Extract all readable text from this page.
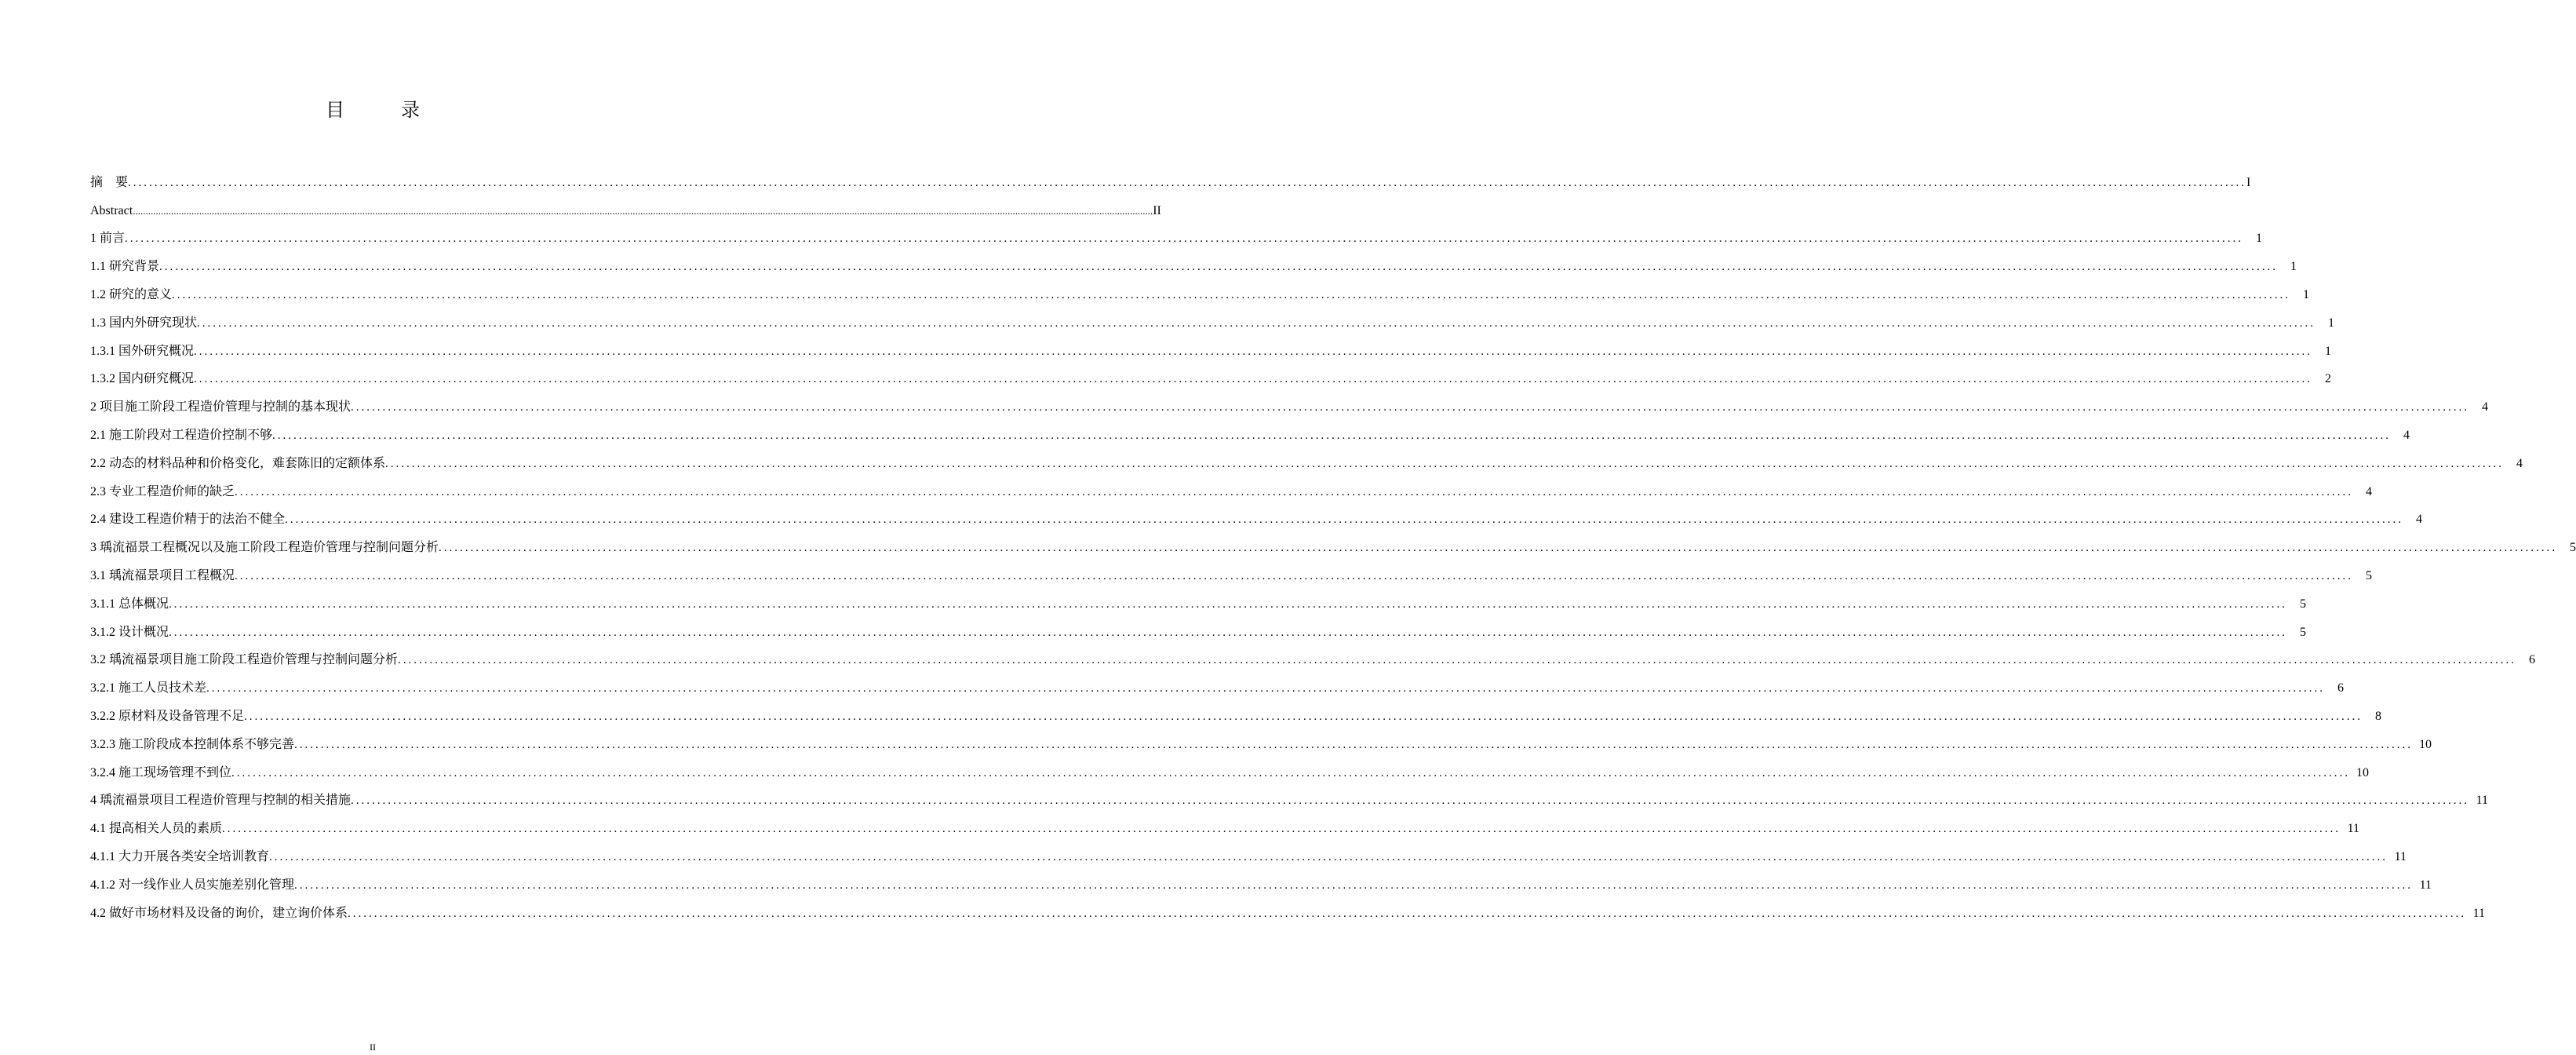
目　录
摘　要 ................................................................................................................................................................................................................................................................................................................................................................................................................ I
Abstract ................................................................................................................................................................................................................................................................................................................................................................................................................ II
1 前言 ................................................................................................................................................................................................................................................................................................................................................................................................................	1
1.1 研究背景 ................................................................................................................................................................................................................................................................................................................................................................................................................	1
1.2 研究的意义 ................................................................................................................................................................................................................................................................................................................................................................................................................	1
1.3 国内外研究现状 ................................................................................................................................................................................................................................................................................................................................................................................................................	1
1.3.1 国外研究概况 ................................................................................................................................................................................................................................................................................................................................................................................................................	1
1.3.2 国内研究概况 ................................................................................................................................................................................................................................................................................................................................................................................................................	2
2 项目施工阶段工程造价管理与控制的基本现状 ................................................................................................................................................................................................................................................................................................................................................................................................................	4
2.1 施工阶段对工程造价控制不够 ................................................................................................................................................................................................................................................................................................................................................................................................................	4
2.2 动态的材料品种和价格变化，难套陈旧的定额体系 ................................................................................................................................................................................................................................................................................................................................................................................................................	4
2.3 专业工程造价师的缺乏 ................................................................................................................................................................................................................................................................................................................................................................................................................	4
2.4 建设工程造价精于的法治不健全 ................................................................................................................................................................................................................................................................................................................................................................................................................	4
3 瑀流福景工程概况以及施工阶段工程造价管理与控制问题分析 ................................................................................................................................................................................................................................................................................................................................................................................................................	5
3.1 瑀流福景项目工程概况 ................................................................................................................................................................................................................................................................................................................................................................................................................	5
3.1.1 总体概况 ................................................................................................................................................................................................................................................................................................................................................................................................................	5
3.1.2 设计概况 ................................................................................................................................................................................................................................................................................................................................................................................................................	5
3.2 瑀流福景项目施工阶段工程造价管理与控制问题分析 ................................................................................................................................................................................................................................................................................................................................................................................................................	6
3.2.1 施工人员技术差 ................................................................................................................................................................................................................................................................................................................................................................................................................	6
3.2.2 原材料及设备管理不足 ................................................................................................................................................................................................................................................................................................................................................................................................................	8
3.2.3 施工阶段成本控制体系不够完善 ................................................................................................................................................................................................................................................................................................................................................................................................................ 10
3.2.4 施工现场管理不到位 ................................................................................................................................................................................................................................................................................................................................................................................................................ 10
4 瑀流福景项目工程造价管理与控制的相关措施 ................................................................................................................................................................................................................................................................................................................................................................................................................ 11
4.1 提高相关人员的素质 ................................................................................................................................................................................................................................................................................................................................................................................................................ 11
4.1.1 大力开展各类安全培训教育 ................................................................................................................................................................................................................................................................................................................................................................................................................ 11
4.1.2 对一线作业人员实施差别化管理 ................................................................................................................................................................................................................................................................................................................................................................................................................ 11
4.2 做好市场材料及设备的询价，建立询价体系 ................................................................................................................................................................................................................................................................................................................................................................................................................ 11
II
